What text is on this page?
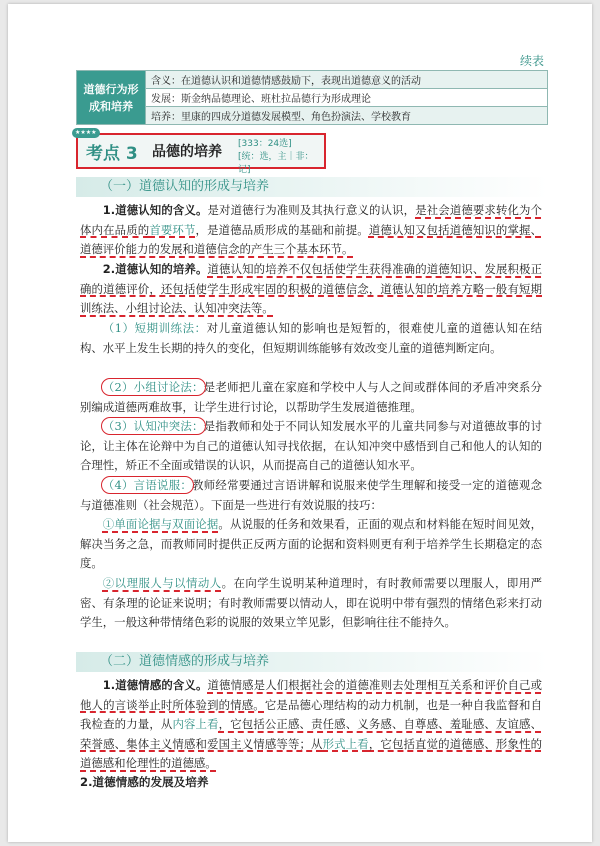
续表
道德行为形成和培养	含义：在道德认识和道德情感鼓励下，表现出道德意义的活动
发展：斯金纳品德理论、班杜拉品德行为形成理论
培养：里康的四成分道德发展模型、角色扮演法、学校教育
★★★★
考点 3 品德的培养 [333：24选]
[统：选，主｜非：记]
（一）道德认知的形成与培养

1.道德认知的含义。是对道德行为准则及其执行意义的认识，是社会道德要求转化为个体内在品质的首要环节，是道德品质形成的基础和前提。道德认知又包括道德知识的掌握、道德评价能力的发展和道德信念的产生三个基本环节。

2.道德认知的培养。道德认知的培养不仅包括使学生获得准确的道德知识、发展积极正确的道德评价，还包括使学生形成牢固的积极的道德信念，道德认知的培养方略一般有短期训练法、小组讨论法、认知冲突法等。

（1）短期训练法：对儿童道德认知的影响也是短暂的，很难使儿童的道德认知在结构、水平上发生长期的持久的变化，但短期训练能够有效改变儿童的道德判断定向。

（2）小组讨论法：是老师把儿童在家庭和学校中人与人之间或群体间的矛盾冲突系分别编成道德两难故事，让学生进行讨论，以帮助学生发展道德推理。

（3）认知冲突法：是指教师和处于不同认知发展水平的儿童共同参与对道德故事的讨论，让主体在论辩中为自己的道德认知寻找依据，在认知冲突中感悟到自己和他人的认知的合理性，矫正不全面或错误的认识，从而提高自己的道德认知水平。

（4）言语说服：教师经常要通过言语讲解和说服来使学生理解和接受一定的道德观念与道德准则（社会规范）。下面是一些进行有效说服的技巧：

①单面论据与双面论据。从说服的任务和效果看，正面的观点和材料能在短时间见效，解决当务之急，而教师同时提供正反两方面的论据和资料则更有利于培养学生长期稳定的态度。

②以理服人与以情动人。在向学生说明某种道理时，有时教师需要以理服人，即用严密、有条理的论证来说明；有时教师需要以情动人，即在说明中带有强烈的情绪色彩来打动学生，一般这种带情绪色彩的说服的效果立竿见影，但影响往往不能持久。

（二）道德情感的形成与培养

1.道德情感的含义。道德情感是人们根据社会的道德准则去处理相互关系和评价自己或他人的言谈举止时所体验到的情感。它是品德心理结构的动力机制，也是一种自我监督和自我检查的力量，从内容上看，它包括公正感、责任感、义务感、自尊感、羞耻感、友谊感、荣誉感、集体主义情感和爱国主义情感等等；从形式上看，它包括直觉的道德感、形象性的道德感和伦理性的道德感。

2.道德情感的发展及培养
